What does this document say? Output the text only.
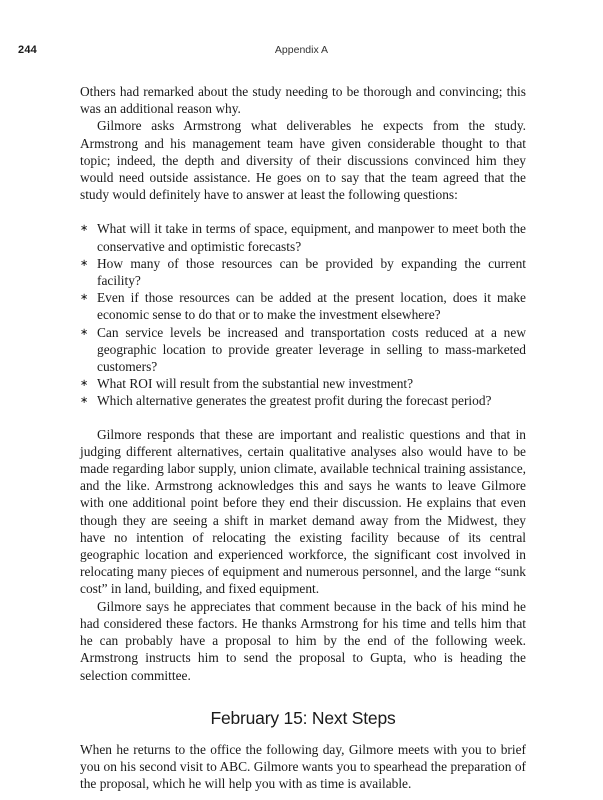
244	Appendix A

Others had remarked about the study needing to be thorough and convincing; this was an additional reason why.

Gilmore asks Armstrong what deliverables he expects from the study. Armstrong and his management team have given considerable thought to that topic; indeed, the depth and diversity of their discussions convinced him they would need outside assistance. He goes on to say that the team agreed that the study would definitely have to answer at least the following questions:

∗ What will it take in terms of space, equipment, and manpower to meet both the conservative and optimistic forecasts?
∗ How many of those resources can be provided by expanding the current facility?
∗ Even if those resources can be added at the present location, does it make economic sense to do that or to make the investment elsewhere?
∗ Can service levels be increased and transportation costs reduced at a new geographic location to provide greater leverage in selling to mass-marketed customers?
∗ What ROI will result from the substantial new investment?
∗ Which alternative generates the greatest profit during the forecast period?

Gilmore responds that these are important and realistic questions and that in judging different alternatives, certain qualitative analyses also would have to be made regarding labor supply, union climate, available technical training assistance, and the like. Armstrong acknowledges this and says he wants to leave Gilmore with one additional point before they end their discussion. He explains that even though they are seeing a shift in market demand away from the Midwest, they have no intention of relocating the existing facility because of its central geographic location and experienced workforce, the significant cost involved in relocating many pieces of equipment and numerous personnel, and the large “sunk cost” in land, building, and fixed equipment.

Gilmore says he appreciates that comment because in the back of his mind he had considered these factors. He thanks Armstrong for his time and tells him that he can probably have a proposal to him by the end of the following week. Armstrong instructs him to send the proposal to Gupta, who is heading the selection committee.

February 15: Next Steps

When he returns to the office the following day, Gilmore meets with you to brief you on his second visit to ABC. Gilmore wants you to spearhead the preparation of the proposal, which he will help you with as time is available.
